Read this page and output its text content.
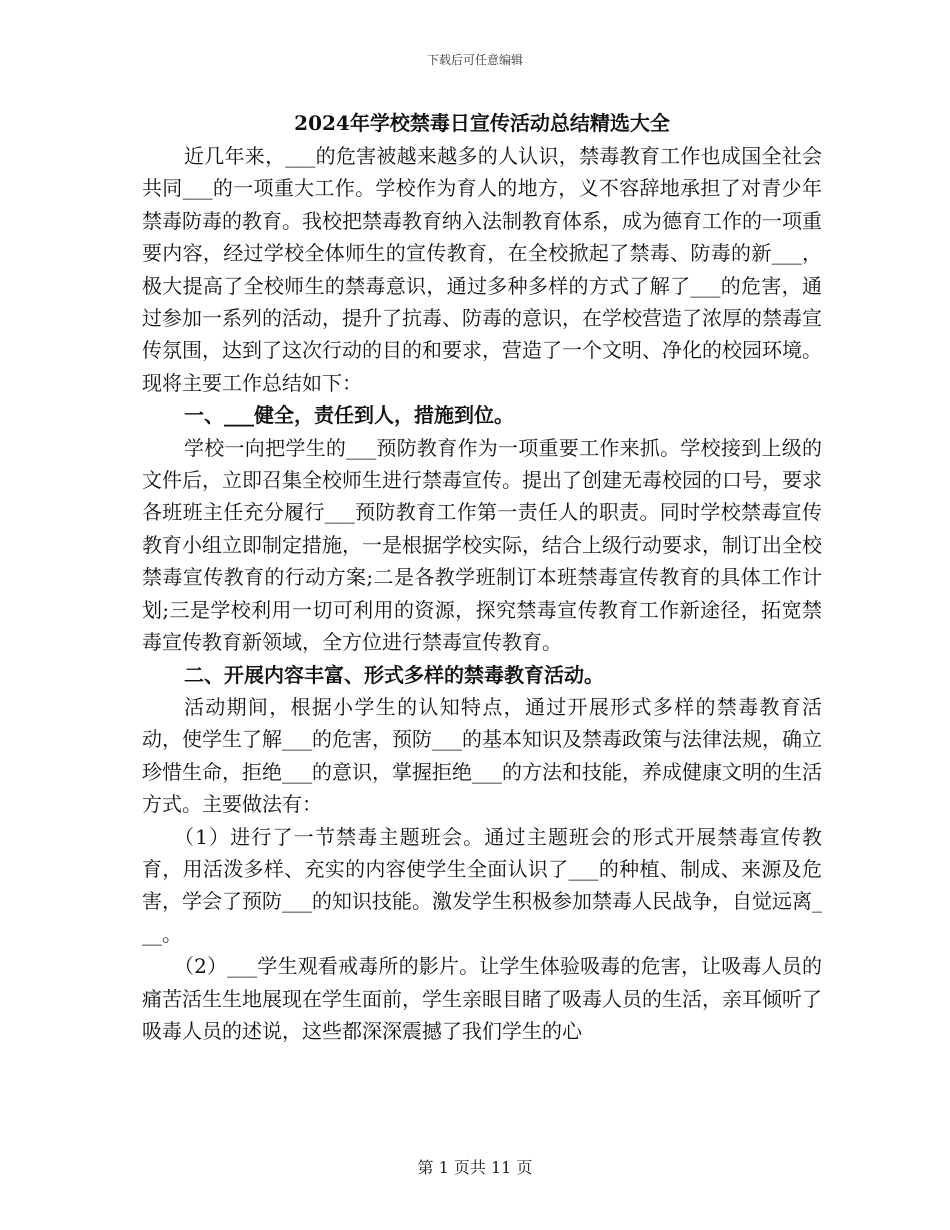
下载后可任意编辑
2024年学校禁毒日宣传活动总结精选大全

近几年来，___的危害被越来越多的人认识，禁毒教育工作也成国全社会共同___的一项重大工作。学校作为育人的地方，义不容辞地承担了对青少年禁毒防毒的教育。我校把禁毒教育纳入法制教育体系，成为德育工作的一项重要内容，经过学校全体师生的宣传教育，在全校掀起了禁毒、防毒的新___，极大提高了全校师生的禁毒意识，通过多种多样的方式了解了___的危害，通过参加一系列的活动，提升了抗毒、防毒的意识，在学校营造了浓厚的禁毒宣传氛围，达到了这次行动的目的和要求，营造了一个文明、净化的校园环境。现将主要工作总结如下：

一、___健全，责任到人，措施到位。

学校一向把学生的___预防教育作为一项重要工作来抓。学校接到上级的文件后，立即召集全校师生进行禁毒宣传。提出了创建无毒校园的口号，要求各班班主任充分履行___预防教育工作第一责任人的职责。同时学校禁毒宣传教育小组立即制定措施，一是根据学校实际，结合上级行动要求，制订出全校禁毒宣传教育的行动方案;二是各教学班制订本班禁毒宣传教育的具体工作计划;三是学校利用一切可利用的资源，探究禁毒宣传教育工作新途径，拓宽禁毒宣传教育新领域，全方位进行禁毒宣传教育。

二、开展内容丰富、形式多样的禁毒教育活动。

活动期间，根据小学生的认知特点，通过开展形式多样的禁毒教育活动，使学生了解___的危害，预防___的基本知识及禁毒政策与法律法规，确立珍惜生命，拒绝___的意识，掌握拒绝___的方法和技能，养成健康文明的生活方式。主要做法有：

（1）进行了一节禁毒主题班会。通过主题班会的形式开展禁毒宣传教育，用活泼多样、充实的内容使学生全面认识了___的种植、制成、来源及危害，学会了预防___的知识技能。激发学生积极参加禁毒人民战争，自觉远离___。

（2）___学生观看戒毒所的影片。让学生体验吸毒的危害，让吸毒人员的痛苦活生生地展现在学生面前，学生亲眼目睹了吸毒人员的生活，亲耳倾听了吸毒人员的述说，这些都深深震撼了我们学生的心

第 1 页共 11 页
